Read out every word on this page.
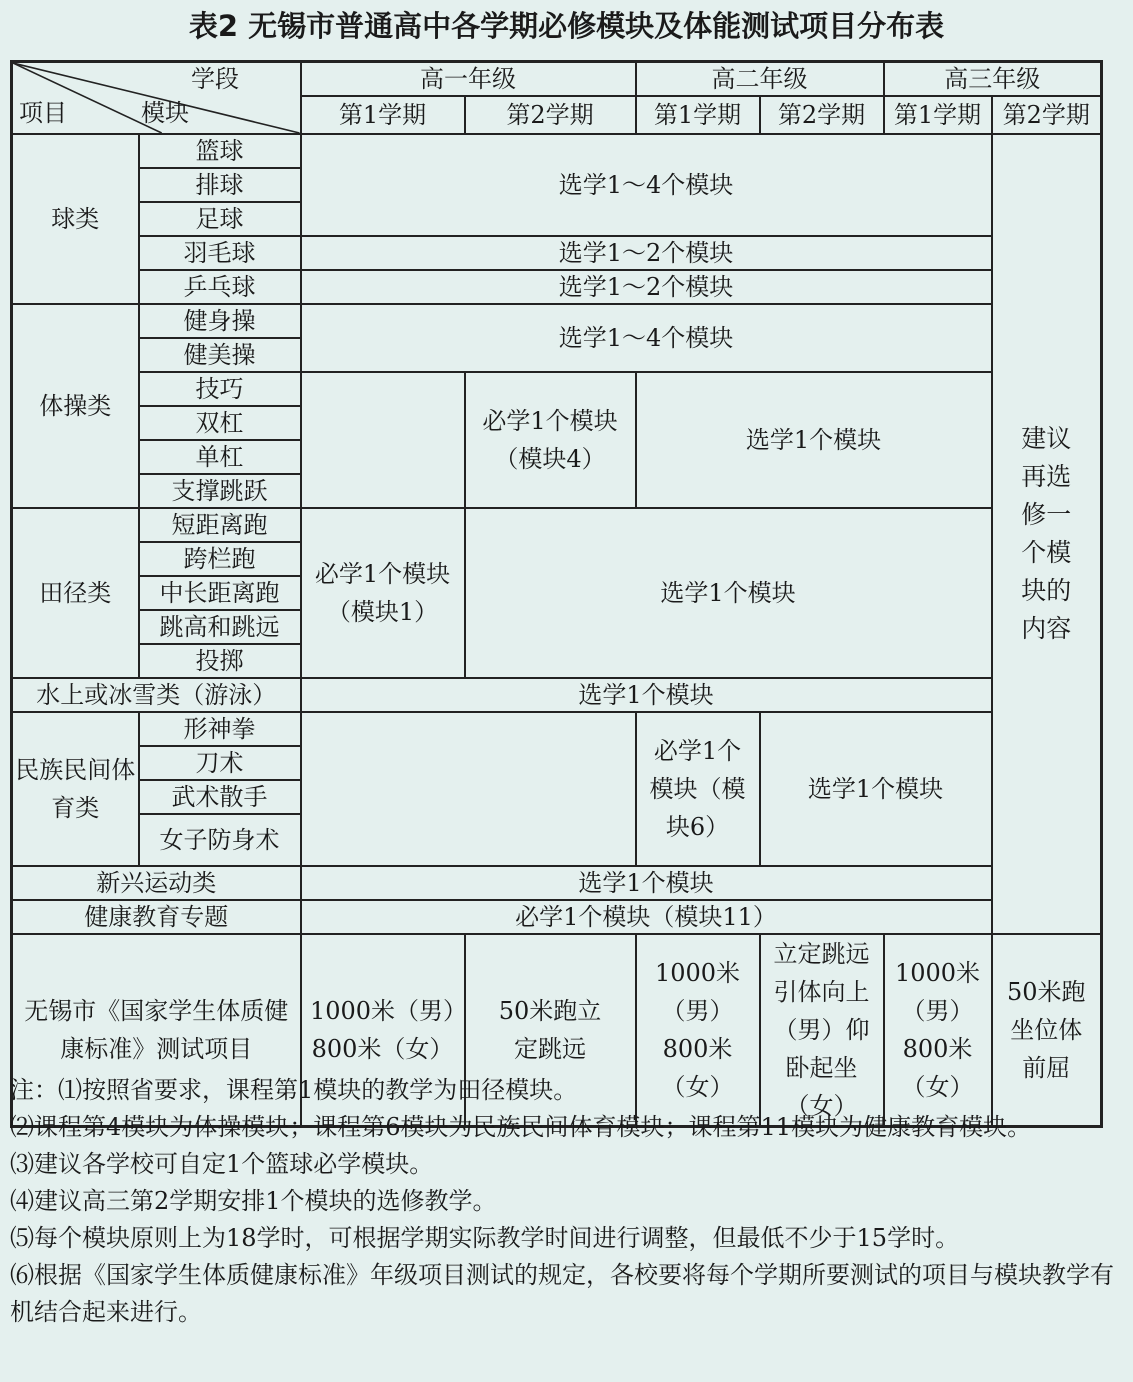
表2 无锡市普通高中各学期必修模块及体能测试项目分布表
学段
模块
项目		高一年级		高二年级		高三年级	
		第1学期	第2学期	第1学期	第2学期	第1学期	第2学期
球类	篮球	选学1～4个模块					建议再选修一个模块的内容

	排球						
	足球						
	羽毛球	选学1～2个模块					
	乒乓球	选学1～2个模块					
体操类	健身操	选学1～4个模块					
	健美操						
	技巧		必学1个模块（模块4）	选学1个模块			
	双杠						
	单杠						
	支撑跳跃						
田径类	短距离跑	必学1个模块（模块1）	选学1个模块				
	跨栏跑						
	中长距离跑						
	跳高和跳远						
	投掷						
水上或冰雪类（游泳）		选学1个模块					

民族民间体育类	形神拳			必学1个模块（模块6）	选学1个模块		
	刀术						
	武术散手						
	女子防身术						
新兴运动类		选学1个模块					
健康教育专题		必学1个模块（模块11）					

无锡市《国家学生体质健康标准》测试项目		1000米（男）800米（女）	50米跑立定跳远	1000米（男）800米（女）	立定跳远引体向上（男）仰卧起坐（女）	1000米（男）800米（女）	50米跑坐位体前屈

注：⑴按照省要求，课程第1模块的教学为田径模块。

⑵课程第4模块为体操模块；课程第6模块为民族民间体育模块；课程第11模块为健康教育模块。

⑶建议各学校可自定1个篮球必学模块。

⑷建议高三第2学期安排1个模块的选修教学。

⑸每个模块原则上为18学时，可根据学期实际教学时间进行调整，但最低不少于15学时。

⑹根据《国家学生体质健康标准》年级项目测试的规定，各校要将每个学期所要测试的项目与模块教学有机结合起来进行。
